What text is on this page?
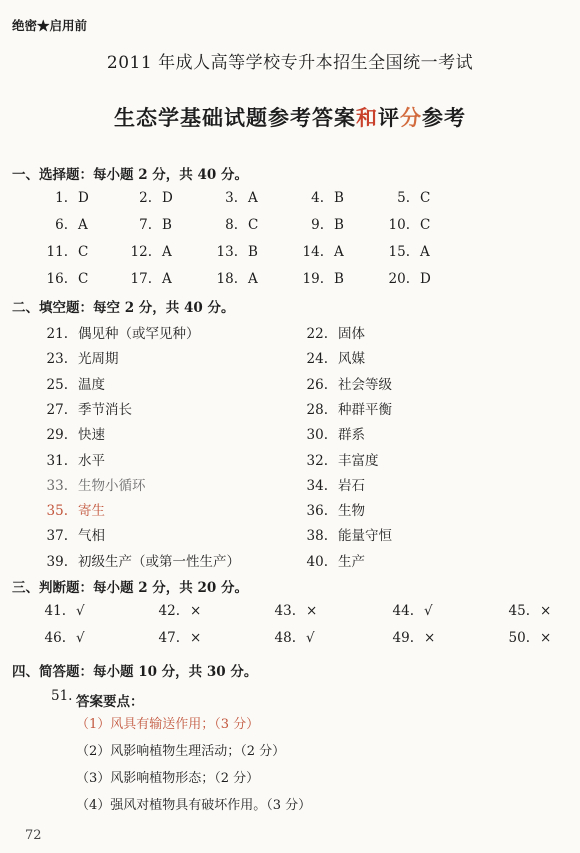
绝密★启用前
2011 年成人高等学校专升本招生全国统一考试
生态学基础试题参考答案和评分参考
一、选择题：每小题 2 分，共 40 分。
1. D	2. D	3. A	4. B	5. C
6. A	7. B	8. C	9. B	10. C
11. C	12. A	13. B	14. A	15. A
16. C	17. A	18. A	19. B	20. D
二、填空题：每空 2 分，共 40 分。
21. 偶见种（或罕见种）	22. 固体
23. 光周期	24. 风媒
25. 温度	26. 社会等级
27. 季节消长	28. 种群平衡
29. 快速	30. 群系
31. 水平	32. 丰富度
33. 生物小循环	34. 岩石
35. 寄生	36. 生物
37. 气相	38. 能量守恒
39. 初级生产（或第一性生产）	40. 生产
三、判断题：每小题 2 分，共 20 分。
41. √	42. ×	43. ×	44. √	45. ×
46. √	47. ×	48. √	49. ×	50. ×
四、简答题：每小题 10 分，共 30 分。
51. 答案要点：
（1）风具有输送作用；（3 分）
（2）风影响植物生理活动；（2 分）
（3）风影响植物形态；（2 分）
（4）强风对植物具有破坏作用。（3 分）
72
